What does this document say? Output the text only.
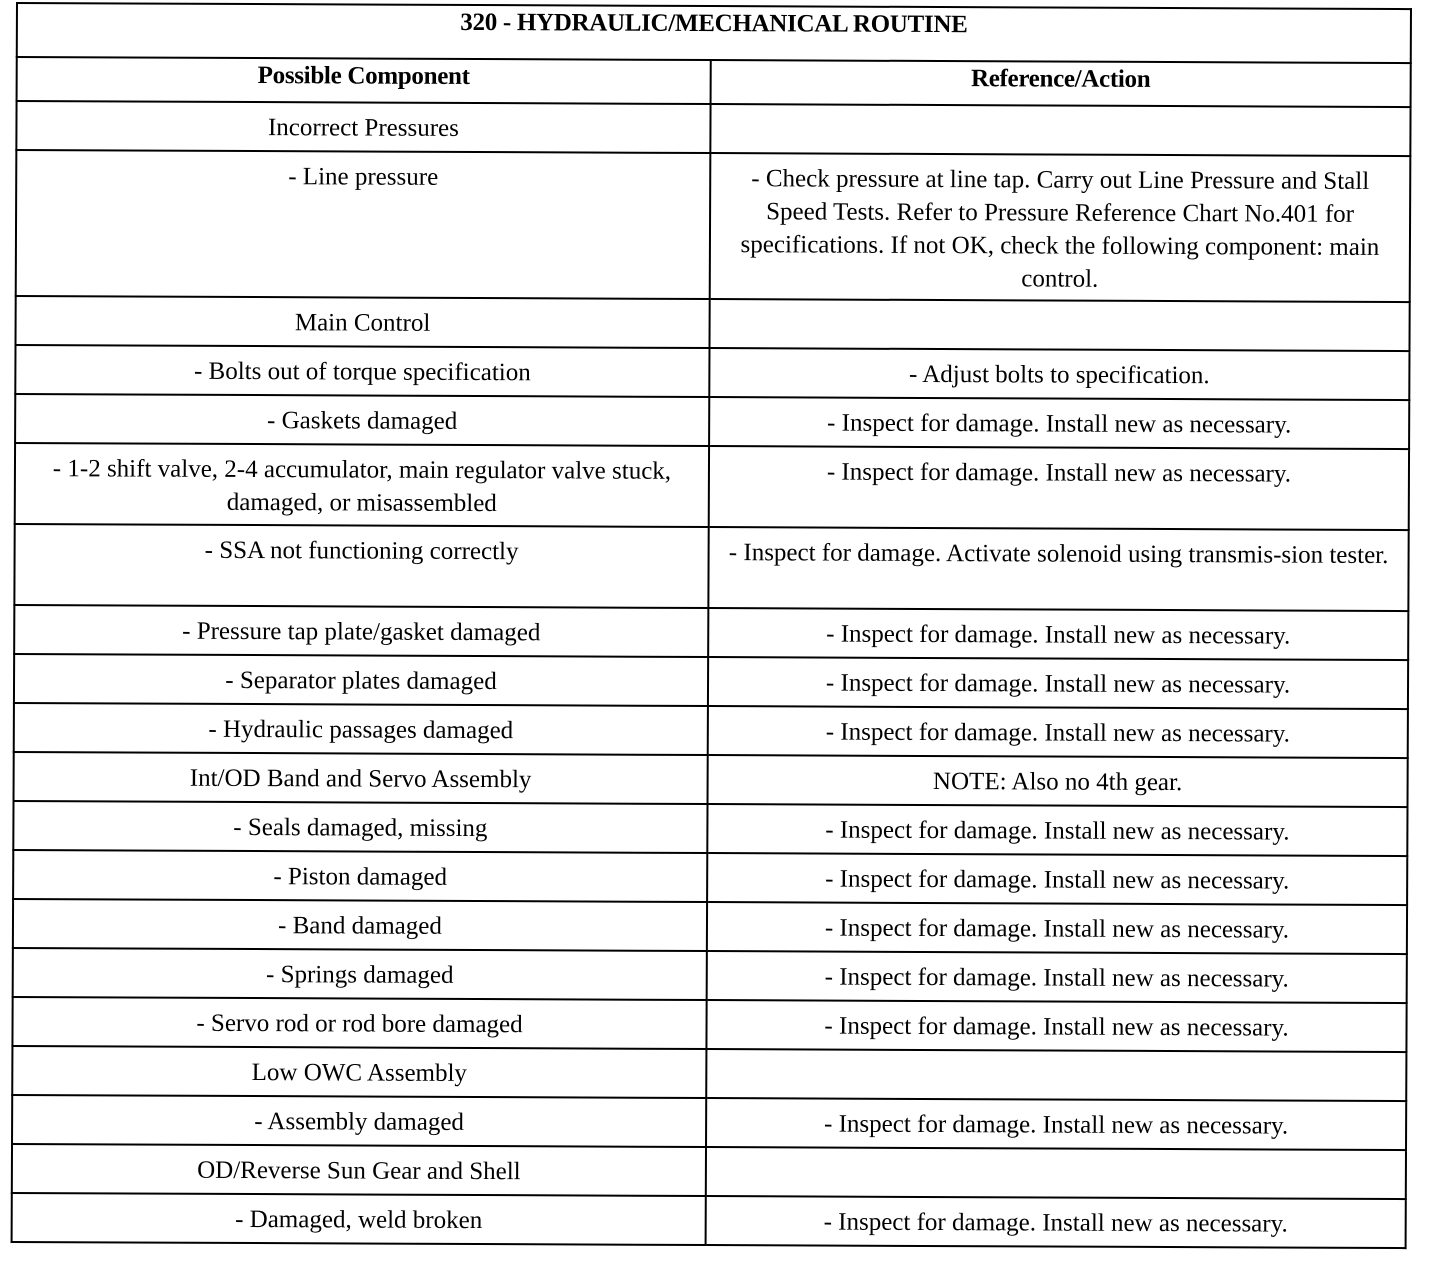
320 - HYDRAULIC/MECHANICAL ROUTINE	
Possible Component	Reference/Action
Incorrect Pressures	
- Line pressure	- Check pressure at line tap. Carry out Line Pressure and Stall Speed Tests. Refer to Pressure Reference Chart No.401 for specifications. If not OK, check the following component: main control.
Main Control	
- Bolts out of torque specification	- Adjust bolts to specification.
- Gaskets damaged	- Inspect for damage. Install new as necessary.
- 1-2 shift valve, 2-4 accumulator, main regulator valve stuck, damaged, or misassembled	- Inspect for damage. Install new as necessary.
- SSA not functioning correctly	- Inspect for damage. Activate solenoid using transmis-sion tester.
- Pressure tap plate/gasket damaged	- Inspect for damage. Install new as necessary.
- Separator plates damaged	- Inspect for damage. Install new as necessary.
- Hydraulic passages damaged	- Inspect for damage. Install new as necessary.
Int/OD Band and Servo Assembly	NOTE: Also no 4th gear.
- Seals damaged, missing	- Inspect for damage. Install new as necessary.
- Piston damaged	- Inspect for damage. Install new as necessary.
- Band damaged	- Inspect for damage. Install new as necessary.
- Springs damaged	- Inspect for damage. Install new as necessary.
- Servo rod or rod bore damaged	- Inspect for damage. Install new as necessary.
Low OWC Assembly	
- Assembly damaged	- Inspect for damage. Install new as necessary.
OD/Reverse Sun Gear and Shell	
- Damaged, weld broken	- Inspect for damage. Install new as necessary.
